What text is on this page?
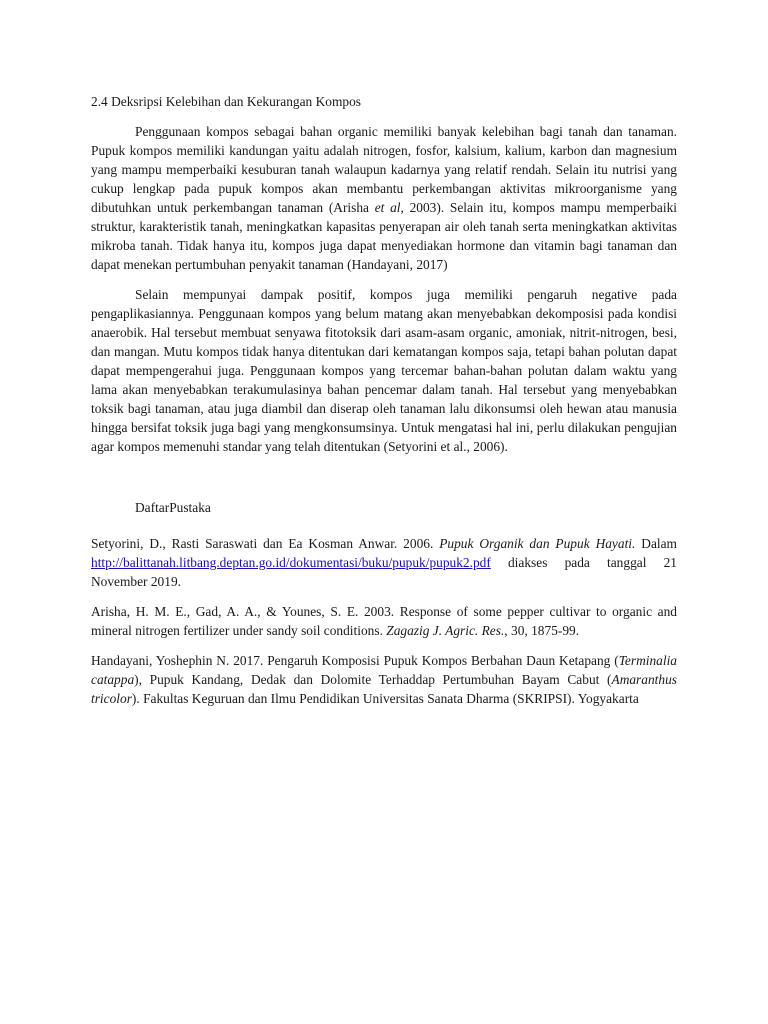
2.4 Deksripsi Kelebihan dan Kekurangan Kompos

Penggunaan kompos sebagai bahan organic memiliki banyak kelebihan bagi tanah dan tanaman. Pupuk kompos memiliki kandungan yaitu adalah nitrogen, fosfor, kalsium, kalium, karbon dan magnesium yang mampu memperbaiki kesuburan tanah walaupun kadarnya yang relatif rendah. Selain itu nutrisi yang cukup lengkap pada pupuk kompos akan membantu perkembangan aktivitas mikroorganisme yang dibutuhkan untuk perkembangan tanaman (Arisha et al, 2003). Selain itu, kompos mampu memperbaiki struktur, karakteristik tanah, meningkatkan kapasitas penyerapan air oleh tanah serta meningkatkan aktivitas mikroba tanah. Tidak hanya itu, kompos juga dapat menyediakan hormone dan vitamin bagi tanaman dan dapat menekan pertumbuhan penyakit tanaman (Handayani, 2017)

Selain mempunyai dampak positif, kompos juga memiliki pengaruh negative pada pengaplikasiannya. Penggunaan kompos yang belum matang akan menyebabkan dekomposisi pada kondisi anaerobik. Hal tersebut membuat senyawa fitotoksik dari asam-asam organic, amoniak, nitrit-nitrogen, besi, dan mangan. Mutu kompos tidak hanya ditentukan dari kematangan kompos saja, tetapi bahan polutan dapat dapat mempengerahui juga. Penggunaan kompos yang tercemar bahan-bahan polutan dalam waktu yang lama akan menyebabkan terakumulasinya bahan pencemar dalam tanah. Hal tersebut yang menyebabkan toksik bagi tanaman, atau juga diambil dan diserap oleh tanaman lalu dikonsumsi oleh hewan atau manusia hingga bersifat toksik juga bagi yang mengkonsumsinya. Untuk mengatasi hal ini, perlu dilakukan pengujian agar kompos memenuhi standar yang telah ditentukan (Setyorini et al., 2006).

DaftarPustaka

Setyorini, D., Rasti Saraswati dan Ea Kosman Anwar. 2006. Pupuk Organik dan Pupuk Hayati. Dalam http://balittanah.litbang.deptan.go.id/dokumentasi/buku/pupuk/pupuk2.pdf diakses pada tanggal 21 November 2019.

Arisha, H. M. E., Gad, A. A., & Younes, S. E. 2003. Response of some pepper cultivar to organic and mineral nitrogen fertilizer under sandy soil conditions. Zagazig J. Agric. Res., 30, 1875-99.

Handayani, Yoshephin N. 2017. Pengaruh Komposisi Pupuk Kompos Berbahan Daun Ketapang (Terminalia catappa), Pupuk Kandang, Dedak dan Dolomite Terhaddap Pertumbuhan Bayam Cabut (Amaranthus tricolor). Fakultas Keguruan dan Ilmu Pendidikan Universitas Sanata Dharma (SKRIPSI). Yogyakarta
